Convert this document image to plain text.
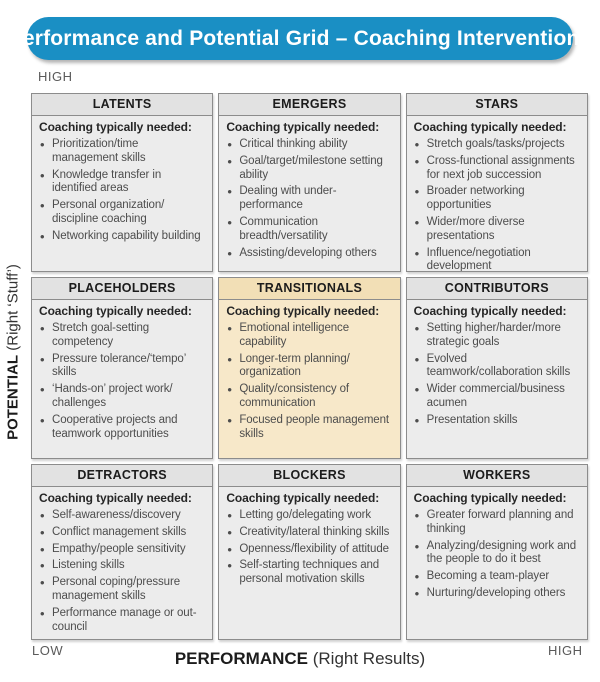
Performance and Potential Grid – Coaching Interventions
HIGH
POTENTIAL (Right ‘Stuff’)
LATENTS
Coaching typically needed:
• Prioritization/time management skills
• Knowledge transfer in identified areas
• Personal organization/ discipline coaching
• Networking capability building
EMERGERS
Coaching typically needed:
• Critical thinking ability
• Goal/target/milestone setting ability
• Dealing with under-performance
• Communication breadth/versatility
• Assisting/developing others
STARS
Coaching typically needed:
• Stretch goals/tasks/projects
• Cross-functional assignments for next job succession
• Broader networking opportunities
• Wider/more diverse presentations
• Influence/negotiation development
PLACEHOLDERS
Coaching typically needed:
• Stretch goal-setting competency
• Pressure tolerance/‘tempo’ skills
• ‘Hands-on’ project work/ challenges
• Cooperative projects and teamwork opportunities
TRANSITIONALS
Coaching typically needed:
• Emotional intelligence capability
• Longer-term planning/ organization
• Quality/consistency of communication
• Focused people management skills
CONTRIBUTORS
Coaching typically needed:
• Setting higher/harder/more strategic goals
• Evolved teamwork/collaboration skills
• Wider commercial/business acumen
• Presentation skills
DETRACTORS
Coaching typically needed:
• Self-awareness/discovery
• Conflict management skills
• Empathy/people sensitivity
• Listening skills
• Personal coping/pressure management skills
• Performance manage or out-council
BLOCKERS
Coaching typically needed:
• Letting go/delegating work
• Creativity/lateral thinking skills
• Openness/flexibility of attitude
• Self-starting techniques and personal motivation skills
WORKERS
Coaching typically needed:
• Greater forward planning and thinking
• Analyzing/designing work and the people to do it best
• Becoming a team-player
• Nurturing/developing others
LOW	HIGH
PERFORMANCE (Right Results)
